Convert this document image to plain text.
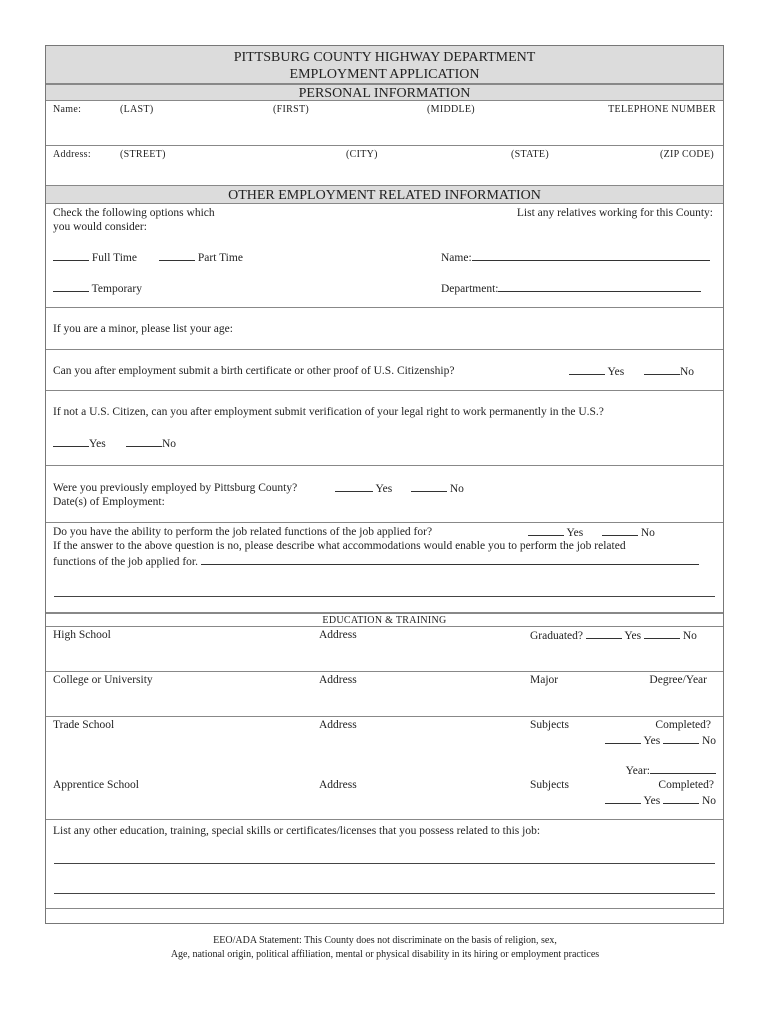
PITTSBURG COUNTY HIGHWAY DEPARTMENT
EMPLOYMENT APPLICATION
PERSONAL INFORMATION
Name:	(LAST)	(FIRST)	(MIDDLE)	TELEPHONE NUMBER
Address:	(STREET)	(CITY)	(STATE)	(ZIP CODE)
OTHER EMPLOYMENT RELATED INFORMATION
Check the following options which
you would consider:
List any relatives working for this County:
Full Time	Part Time
Temporary
Name:
Department:
If you are a minor, please list your age:
Can you after employment submit a birth certificate or other proof of U.S. Citizenship?	Yes	No
If not a U.S. Citizen, can you after employment submit verification of your legal right to work permanently in the U.S.?
Yes	No
Were you previously employed by Pittsburg County?	Yes	No
Date(s) of Employment:
Do you have the ability to perform the job related functions of the job applied for?	Yes	No
If the answer to the above question is no, please describe what accommodations would enable you to perform the job related
functions of the job applied for.
EDUCATION & TRAINING
High School	Address	Graduated?	Yes	No
College or University	Address	Major	Degree/Year
Trade School	Address	Subjects	Completed?
Yes	No
Year:
Apprentice School	Address	Subjects	Completed?
Yes	No
List any other education, training, special skills or certificates/licenses that you possess related to this job:
EEO/ADA Statement: This County does not discriminate on the basis of religion, sex,
Age, national origin, political affiliation, mental or physical disability in its hiring or employment practices
